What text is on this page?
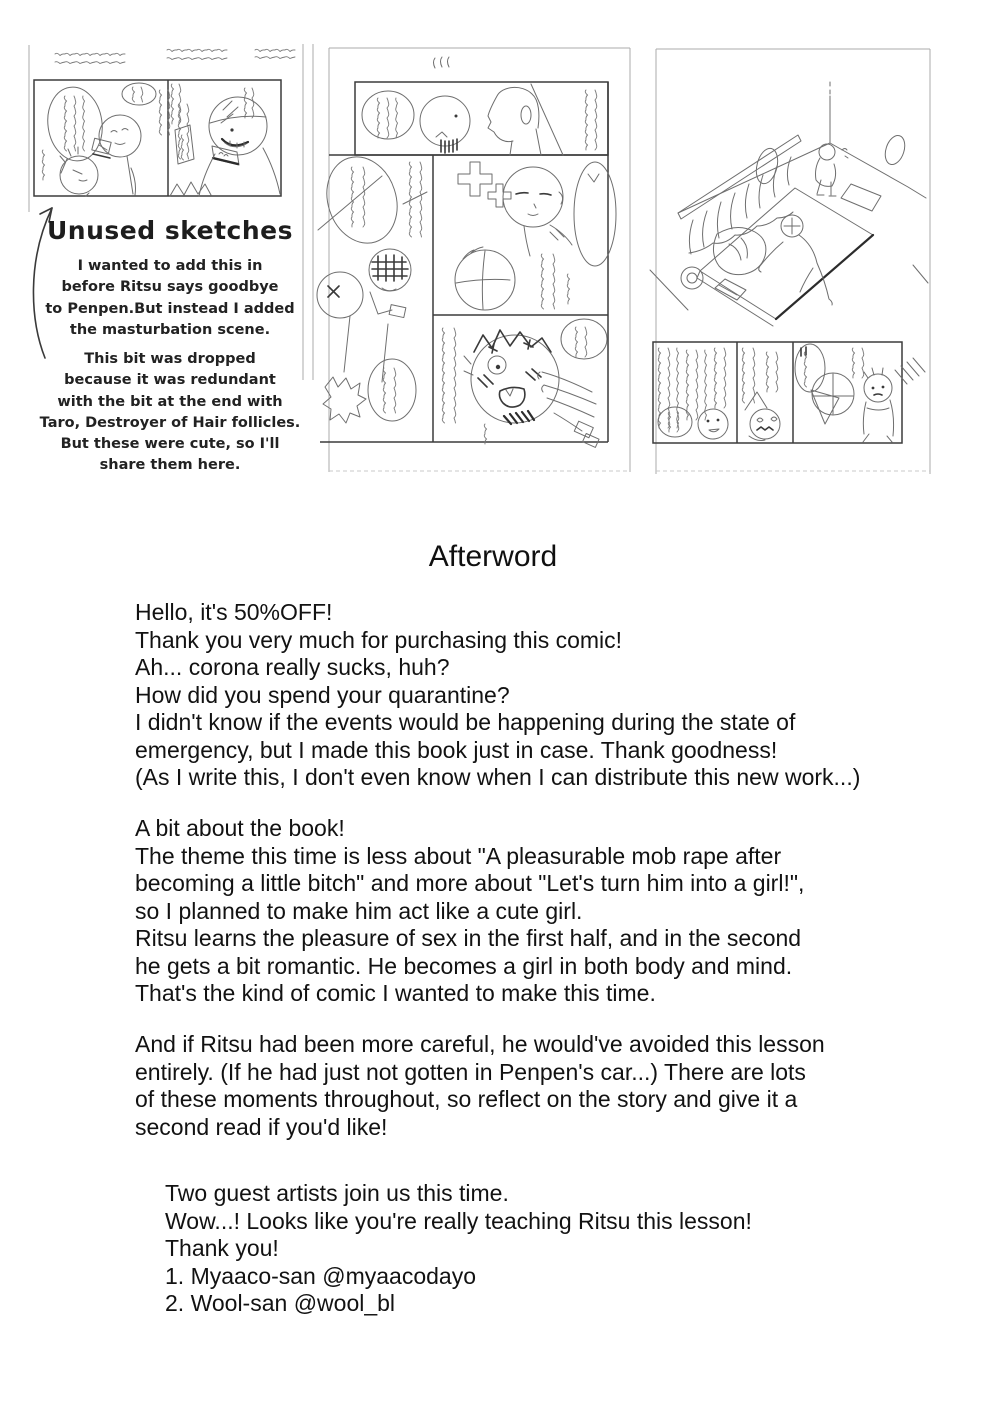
Unused sketches
I wanted to add this in
before Ritsu says goodbye
to Penpen.But instead I added
the masturbation scene.
This bit was dropped
because it was redundant
with the bit at the end with
Taro, Destroyer of Hair follicles.
But these were cute, so I'll
share them here.
Afterword
Hello, it's 50%OFF!
Thank you very much for purchasing this comic!
Ah... corona really sucks, huh?
How did you spend your quarantine?
I didn't know if the events would be happening during the state of
emergency, but I made this book just in case. Thank goodness!
(As I write this, I don't even know when I can distribute this new work...)
A bit about the book!
The theme this time is less about "A pleasurable mob rape after
becoming a little bitch" and more about "Let's turn him into a girl!",
so I planned to make him act like a cute girl.
Ritsu learns the pleasure of sex in the first half, and in the second
he gets a bit romantic. He becomes a girl in both body and mind.
That's the kind of comic I wanted to make this time.
And if Ritsu had been more careful, he would've avoided this lesson
entirely. (If he had just not gotten in Penpen's car...) There are lots
of these moments throughout, so reflect on the story and give it a
second read if you'd like!
Two guest artists join us this time.
Wow...! Looks like you're really teaching Ritsu this lesson!
Thank you!
1. Myaaco-san @myaacodayo
2. Wool-san @wool_bl
